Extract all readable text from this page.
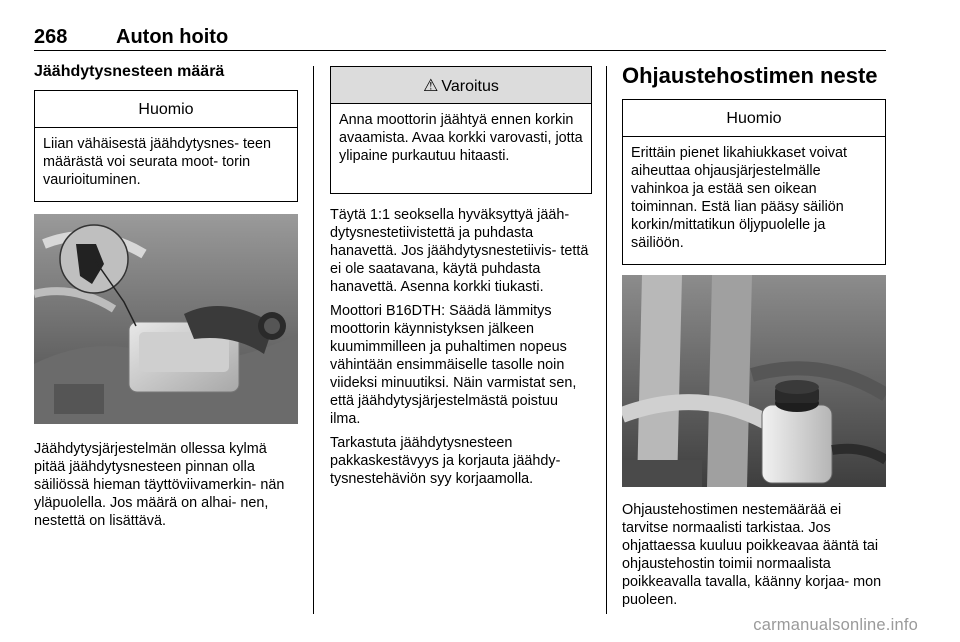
268 Auton hoito
Jäähdytysnesteen määrä
Huomio
Liian vähäisestä jäähdytysnes- teen määrästä voi seurata moot- torin vaurioituminen.

Jäähdytysjärjestelmän ollessa kylmä pitää jäähdytysnesteen pinnan olla säiliössä hieman täyttöviivamerkin- nän yläpuolella. Jos määrä on alhai- nen, nestettä on lisättävä.

⚠ Varoitus
Anna moottorin jäähtyä ennen korkin avaamista. Avaa korkki varovasti, jotta ylipaine purkautuu hitaasti.

Täytä 1:1 seoksella hyväksyttyä jääh- dytysnestetiivistettä ja puhdasta hanavettä. Jos jäähdytysnestetiivis- tettä ei ole saatavana, käytä puhdasta hanavettä. Asenna korkki tiukasti.

Moottori B16DTH: Säädä lämmitys moottorin käynnistyksen jälkeen kuumimmilleen ja puhaltimen nopeus vähintään ensimmäiselle tasolle noin viideksi minuutiksi. Näin varmistat sen, että jäähdytysjärjestelmästä poistuu ilma.

Tarkastuta jäähdytysnesteen pakkaskestävyys ja korjauta jäähdy- tysnestehäviön syy korjaamolla.

Ohjaustehostimen neste
Huomio
Erittäin pienet likahiukkaset voivat aiheuttaa ohjausjärjestelmälle vahinkoa ja estää sen oikean toiminnan. Estä lian pääsy säiliön korkin/mittatikun öljypuolelle ja säiliöön.

Ohjaustehostimen nestemäärää ei tarvitse normaalisti tarkistaa. Jos ohjattaessa kuuluu poikkeavaa ääntä tai ohjaustehostin toimii normaalista poikkeavalla tavalla, käänny korjaa- mon puoleen.

carmanualsonline.info
